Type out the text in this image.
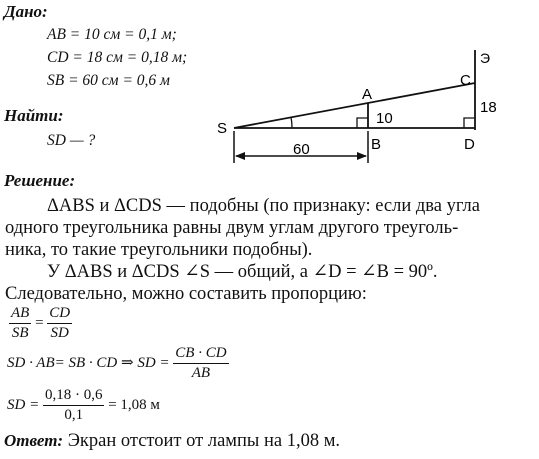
Дано:
AB = 10 см = 0,1 м;
CD = 18 см = 0,18 м;
SB = 60 см = 0,6 м
Найти:
SD — ?
S
A
B
C
D
Э
10
18
60
Решение:
ΔABS и ΔCDS — подобны (по признаку: если два угла
одного треугольника равны двум углам другого треуголь-
ника, то такие треугольники подобны).
У ΔABS и ΔCDS ∠S — общий, а ∠D = ∠B = 90º.
Следовательно, можно составить пропорцию:
$\frac{AB}{SB} = \frac{CD}{SD}$
SD · AB= SB · CD ⇒ SD = $\frac{CB \cdot CD}{AB}$
SD = $\frac{0,18 \cdot 0,6}{0,1} = 1,08$ м
Ответ: Экран отстоит от лампы на 1,08 м.
